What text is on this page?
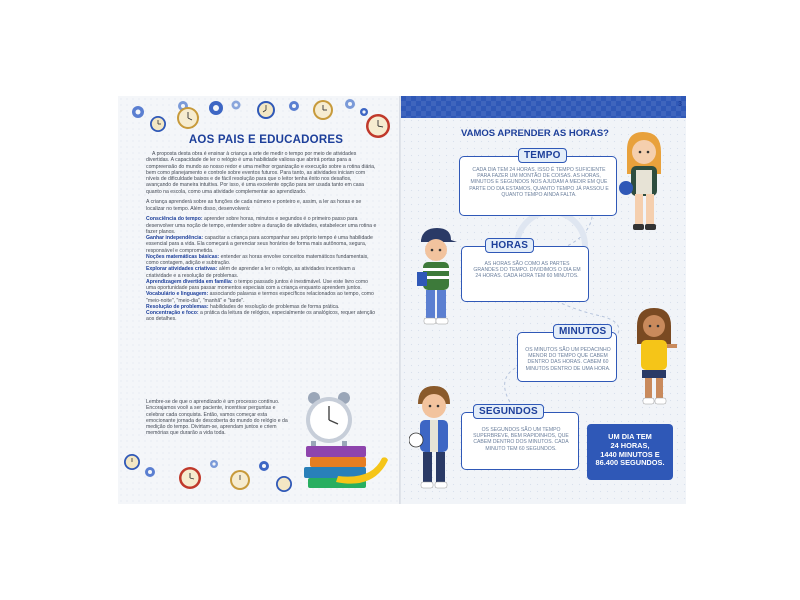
AOS PAIS E EDUCADORES

A proposta desta obra é ensinar à criança a arte de medir o tempo por meio de atividades divertidas. A capacidade de ler o relógio é uma habilidade valiosa que abrirá portas para a compreensão do mundo ao nosso redor e uma melhor organização e execução sobre a rotina diária, bem como planejamento e controle sobre eventos futuros. Para tanto, as atividades iniciam com níveis de dificuldade baixos e de fácil resolução para que o leitor tenha êxito nos desafios, avançando de maneira intuitiva. Por isso, é uma excelente opção para ser usada tanto em casa quanto na escola, como uma atividade complementar ao aprendizado.

A criança aprenderá sobre as funções de cada número e ponteiro e, assim, a ler as horas e se localizar no tempo. Além disso, desenvolverá:

Consciência do tempo: aprender sobre horas, minutos e segundos é o primeiro passo para desenvolver uma noção de tempo, entender sobre a duração de atividades, estabelecer uma rotina e fazer planos.

Ganhar independência: capacitar a criança para acompanhar seu próprio tempo é uma habilidade essencial para a vida. Ela começará a gerenciar seus horários de forma mais autônoma, segura, responsável e comprometida.

Noções matemáticas básicas: entender as horas envolve conceitos matemáticos fundamentais, como contagem, adição e subtração.

Explorar atividades criativas: além de aprender a ler o relógio, as atividades incentivam a criatividade e a resolução de problemas.

Aprendizagem divertida em família: o tempo passado juntos é inestimável. Use este livro como uma oportunidade para passar momentos especiais com a criança enquanto aprendem juntos.

Vocabulário e linguagem: associando palavras e termos específicos relacionados ao tempo, como "meio-noite", "meio-dia", "manhã" e "tarde".

Resolução de problemas: habilidades de resolução de problemas de forma prática.

Concentração e foco: a prática da leitura de relógios, especialmente os analógicos, requer atenção aos detalhes.

Lembre-se de que o aprendizado é um processo contínuo. Encorajamos você a ser paciente, incentivar perguntas e celebrar cada conquista. Então, vamos começar esta emocionante jornada de descoberta do mundo do relógio e da medição do tempo. Divirtam-se, aprendam juntos e criem memórias que durarão a vida toda.
3
VAMOS APRENDER AS HORAS?
CADA DIA TEM 24 HORAS. ISSO É TEMPO SUFICIENTE PARA FAZER UM MONTÃO DE COISAS. AS HORAS, MINUTOS E SEGUNDOS NOS AJUDAM A MEDIR EM QUE PARTE DO DIA ESTAMOS, QUANTO TEMPO JÁ PASSOU E QUANTO TEMPO AINDA FALTA.
TEMPO
AS HORAS SÃO COMO AS PARTES GRANDES DO TEMPO. DIVIDIMOS O DIA EM 24 HORAS. CADA HORA TEM 60 MINUTOS.
HORAS
OS MINUTOS SÃO UM PEDACINHO MENOR DO TEMPO QUE CABEM DENTRO DAS HORAS. CABEM 60 MINUTOS DENTRO DE UMA HORA.
MINUTOS
OS SEGUNDOS SÃO UM TEMPO SUPERBREVE, BEM RAPIDINHOS, QUE CABEM DENTRO DOS MINUTOS. CADA MINUTO TEM 60 SEGUNDOS.
SEGUNDOS
UM DIA TEM
24 HORAS,
1440 MINUTOS E
86.400 SEGUNDOS.
